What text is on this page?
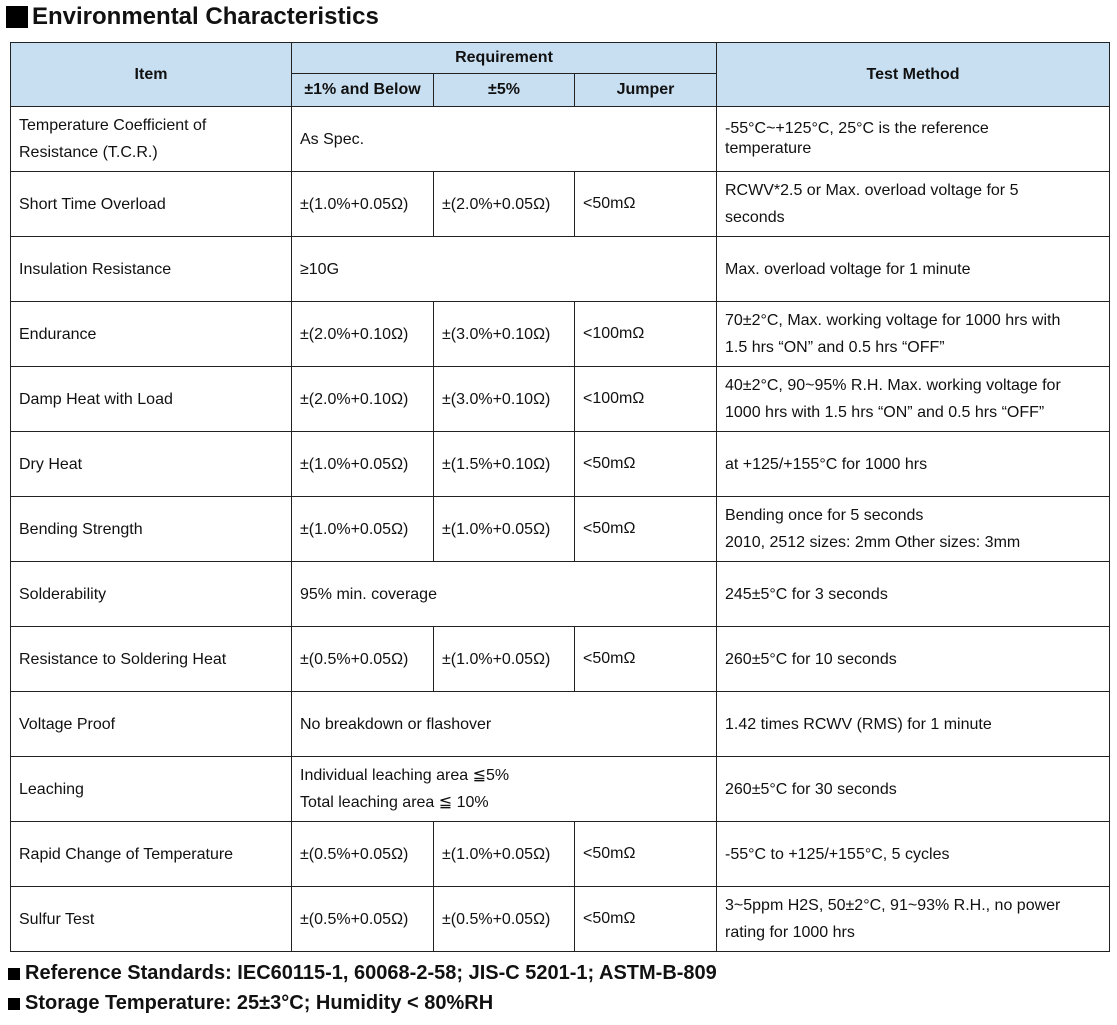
Environmental Characteristics
Item	Requirement			Test Method
	±1% and Below	±5%	Jumper	

Temperature Coefficient of
Resistance (T.C.R.)	As Spec.			-55°C~+125°C, 25°C is the reference
temperature

Short Time Overload	±(1.0%+0.05Ω)	±(2.0%+0.05Ω)	<50mΩ	RCWV*2.5 or Max. overload voltage for 5
seconds

Insulation Resistance	≥10G			Max. overload voltage for 1 minute

Endurance	±(2.0%+0.10Ω)	±(3.0%+0.10Ω)	<100mΩ	70±2°C, Max. working voltage for 1000 hrs with
1.5 hrs “ON” and 0.5 hrs “OFF”

Damp Heat with Load	±(2.0%+0.10Ω)	±(3.0%+0.10Ω)	<100mΩ	40±2°C, 90~95% R.H. Max. working voltage for
1000 hrs with 1.5 hrs “ON” and 0.5 hrs “OFF”

Dry Heat	±(1.0%+0.05Ω)	±(1.5%+0.10Ω)	<50mΩ	at +125/+155°C for 1000 hrs

Bending Strength	±(1.0%+0.05Ω)	±(1.0%+0.05Ω)	<50mΩ	Bending once for 5 seconds
2010, 2512 sizes: 2mm Other sizes: 3mm

Solderability	95% min. coverage			245±5°C for 3 seconds

Resistance to Soldering Heat	±(0.5%+0.05Ω)	±(1.0%+0.05Ω)	<50mΩ	260±5°C for 10 seconds

Voltage Proof	No breakdown or flashover			1.42 times RCWV (RMS) for 1 minute

Leaching	Individual leaching area ≦5%
Total leaching area ≦ 10%			260±5°C for 30 seconds

Rapid Change of Temperature	±(0.5%+0.05Ω)	±(1.0%+0.05Ω)	<50mΩ	-55°C to +125/+155°C, 5 cycles

Sulfur Test	±(0.5%+0.05Ω)	±(0.5%+0.05Ω)	<50mΩ	3~5ppm H2S, 50±2°C, 91~93% R.H., no power
rating for 1000 hrs
Reference Standards: IEC60115-1, 60068-2-58; JIS-C 5201-1; ASTM-B-809
Storage Temperature: 25±3°C; Humidity < 80%RH
